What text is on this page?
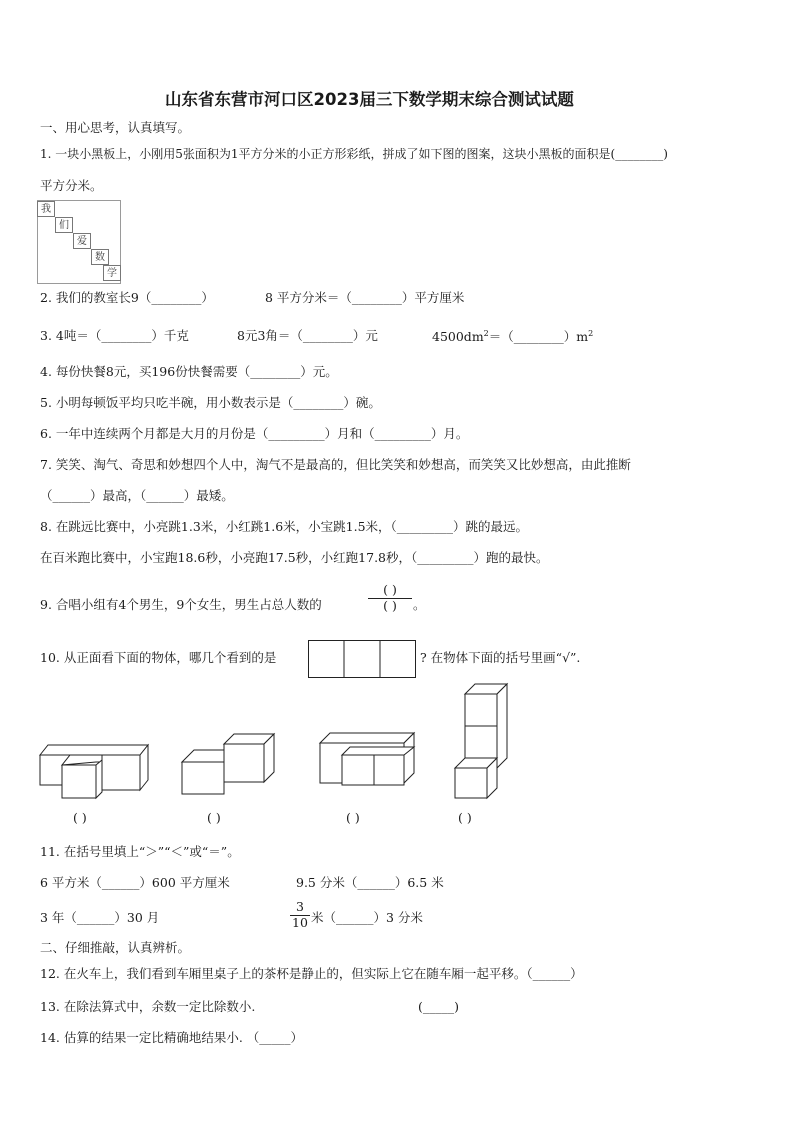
山东省东营市河口区2023届三下数学期末综合测试试题
一、用心思考，认真填写。
1. 一块小黑板上，小刚用5张面积为1平方分米的小正方形彩纸，拼成了如下图的图案，这块小黑板的面积是(________)
平方分米。
我
们
爱
数
学
2. 我们的教室长9（________）	8 平方分米＝（________）平方厘米
3. 4吨＝（________）千克	8元3角＝（________）元	$4500dm^2=(\_\_\_\_\_\_\_\_)m^2$
4. 每份快餐8元，买196份快餐需要（________）元。
5. 小明每顿饭平均只吃半碗，用小数表示是（________）碗。
6. 一年中连续两个月都是大月的月份是（_________）月和（_________）月。
7. 笑笑、淘气、奇思和妙想四个人中，淘气不是最高的，但比笑笑和妙想高，而笑笑又比妙想高，由此推断
（______）最高，（______）最矮。
8. 在跳远比赛中，小亮跳1.3米，小红跳1.6米，小宝跳1.5米，（_________）跳的最远。
在百米跑比赛中，小宝跑18.6秒，小亮跑17.5秒，小红跑17.8秒，（_________）跑的最快。
9. 合唱小组有4个男生，9个女生，男生占总人数的
( )
( )	。
10. 从正面看下面的物体，哪几个看到的是	? 在物体下面的括号里画“√”.
( )	( )	( )	( )
11. 在括号里填上“＞”“＜”或“＝”。
6 平方米（______）600 平方厘米	9.5 分米（______）6.5 米
3 年（______）30 月
3
10 米（______）3 分米
二、仔细推敲，认真辨析。
12. 在火车上，我们看到车厢里桌子上的茶杯是静止的，但实际上它在随车厢一起平移。（______）
13. 在除法算式中，余数一定比除数小.	(_____)
14. 估算的结果一定比精确地结果小. （_____）
